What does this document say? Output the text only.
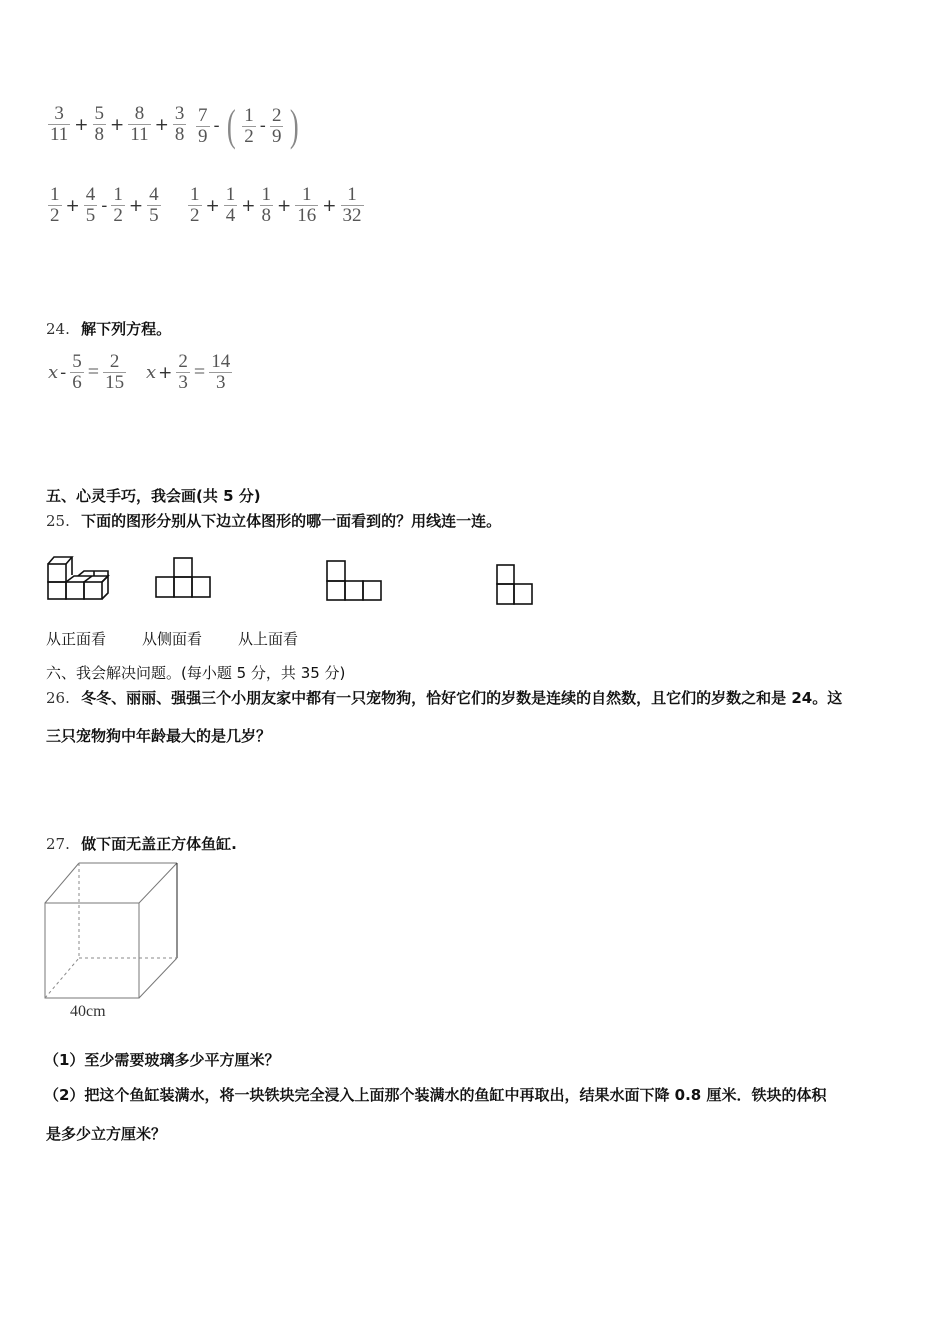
$\frac{3}{11} + \frac{5}{8} + \frac{8}{11} + \frac{3}{8} \frac{7}{9}$ - ( $\frac{1}{2} - \frac{2}{9}$ )
$\frac{1}{2} + \frac{4}{5} - \frac{1}{2} + \frac{4}{5} \frac{1}{2} + \frac{1}{4} + \frac{1}{8} + \frac{1}{16} + \frac{1}{32}$
24. 解下列方程。
$x - \frac{5}{6} = \frac{2}{15}$ $x + \frac{2}{3} = \frac{14}{3}$
五、心灵手巧，我会画(共 5 分)
25. 下面的图形分别从下边立体图形的哪一面看到的？用线连一连。
从正面看 从侧面看 从上面看
六、我会解决问题。(每小题 5 分，共 35 分)
26. 冬冬、丽丽、强强三个小朋友家中都有一只宠物狗，恰好它们的岁数是连续的自然数，且它们的岁数之和是 24。这
三只宠物狗中年龄最大的是几岁？
27. 做下面无盖正方体鱼缸.
40cm
（1）至少需要玻璃多少平方厘米？
（2）把这个鱼缸装满水，将一块铁块完全浸入上面那个装满水的鱼缸中再取出，结果水面下降 0.8 厘米．铁块的体积
是多少立方厘米？
